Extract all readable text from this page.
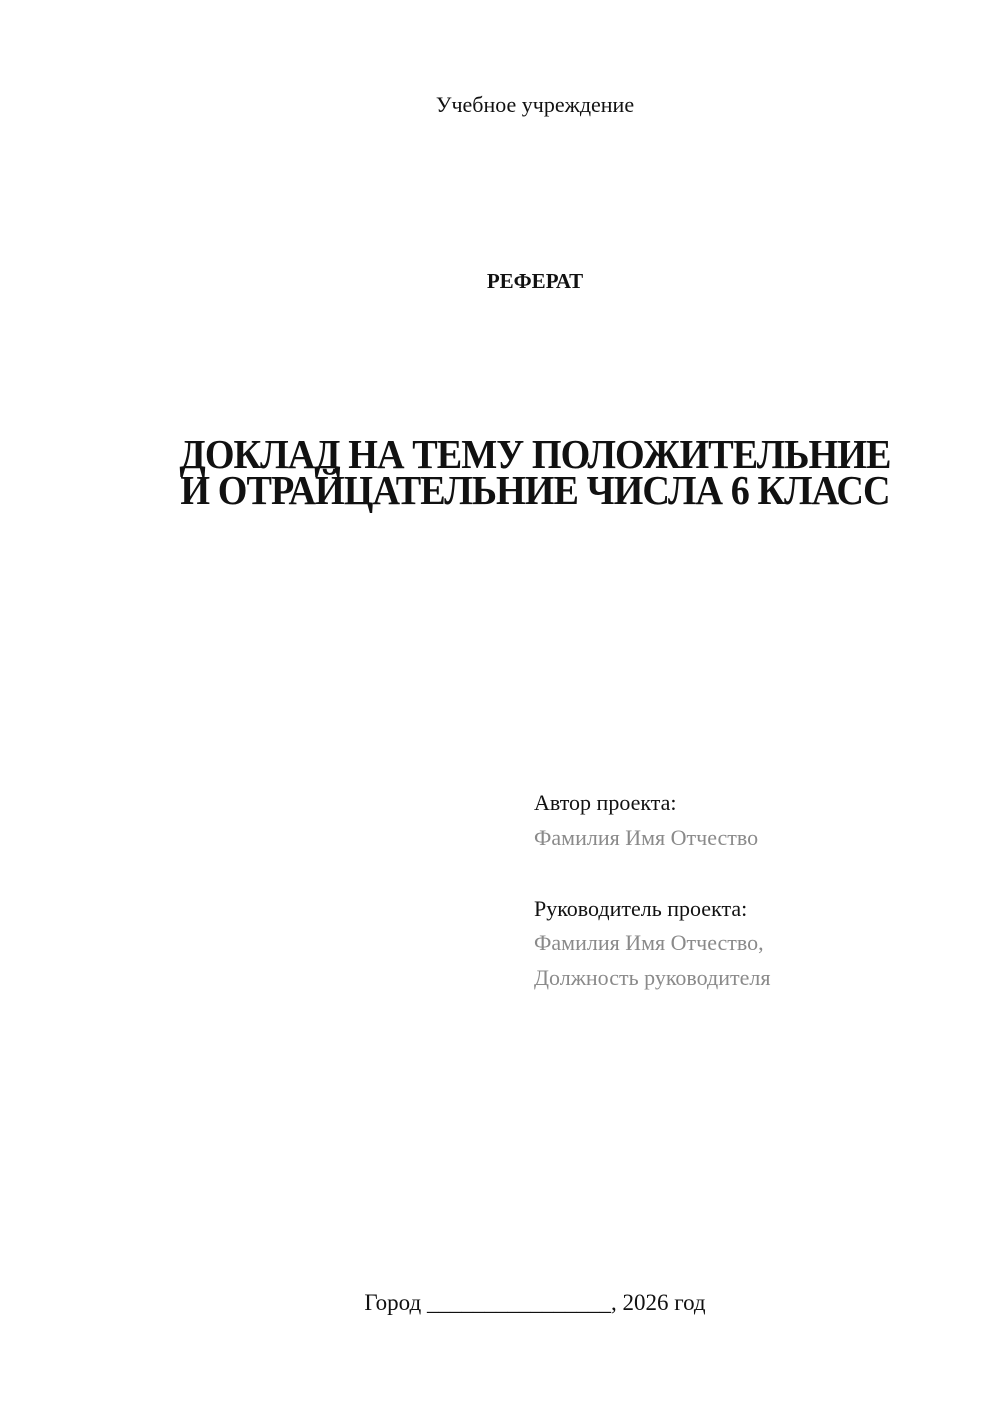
Учебное учреждение
РЕФЕРАТ
ДОКЛАД НА ТЕМУ ПОЛОЖИТЕЛЬНИЕ
И ОТРАЙЦАТЕЛЬНИЕ ЧИСЛА 6 КЛАСС
Автор проекта:
Фамилия Имя Отчество
Руководитель проекта:
Фамилия Имя Отчество,
Должность руководителя
Город ________________, 2026 год
